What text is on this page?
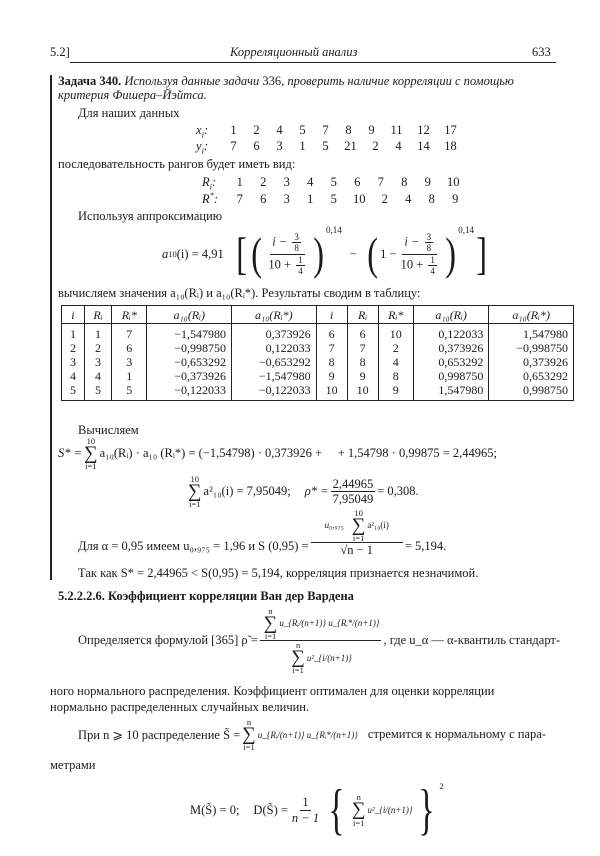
5.2]	Корреляционный анализ	633
Задача 340. Используя данные задачи 336, проверить наличие корреляции с помощью
критерия Фишера–Йэйтса.
Для наших данных
$x_i$:	1	2	4	5	7	8	9	11	12	17
$y_i$:	7	6	3	1	5	21	2	4	14	18
последовательность рангов будет иметь вид:
$R_i$:	1	2	3	4	5	6	7	8	9	10
R*:	7	6	3	1	5	10	2	4	8	9
Используя аппроксимацию
a 10 (i) = 4,91 [ ( $\frac{i - \frac{3}{8}}{10 + \frac{1}{4}}$ ) $^{0,14}$
− ( $1 - \frac{i - \frac{3}{8}}{10 + \frac{1}{4}}$ ) $^{0,14}$ ]
вычисляем значения a₁₀(Rᵢ) и a₁₀(Rᵢ*). Результаты сводим в таблицу:
i	Rᵢ	Rᵢ*	a₁₀(Rᵢ)	a₁₀(Rᵢ*)	i	Rᵢ	Rᵢ*	a₁₀(Rᵢ)	a₁₀(Rᵢ*)
1	1	7	−1,547980	0,373926	6	6	10	0,122033	1,547980
2	2	6	−0,998750	0,122033	7	7	2	0,373926	−0,998750
3	3	3	−0,653292	−0,653292	8	8	4	0,653292	0,373926
4	4	1	−0,373926	−1,547980	9	9	8	0,998750	0,653292
5	5	5	−0,122033	−0,122033	10	10	9	1,547980	0,998750
Вычисляем
S* =
10
∑
i=1
a₁₀(Rᵢ) · a₁₀ (Rᵢ*) = (−1,54798) · 0,373926 +     + 1,54798 · 0,99875 = 2,44965;
10
∑
i=1
a²₁₀(i) = 7,95049; $\rho* = \frac{2,44965}{7,95049} = 0,308$.
Для α = 0,95 имеем u₀,₉₇₅ = 1,96 и S (0,95) = u₀,₉₇₅
10
∑
i=1
a²₁₀(i)
√n − 1 = 5,194.
Так как S* = 2,44965 < S(0,95) = 5,194, корреляция признается незначимой.
5.2.2.2.6. Коэффициент корреляции Ван дер Вардена
Определяется формулой [365] ρ̃ = n
∑
i=1
u_{Rᵢ/(n+1)} u_{Rᵢ*/(n+1)}
n
∑
i=1
u²_{i/(n+1)} , где u_α — α-квантиль стандарт-
ного нормального распределения. Коэффициент оптимален для оценки корреляции
нормально распределенных случайных величин.
При n ⩾ 10 распределение S̃ =
n
∑
i=1
u_{Rᵢ/(n+1)} u_{Rᵢ*/(n+1)} стремится к нормальному с пара-
метрами
M(S̃) = 0; D(S̃) = $\frac{1}{n - 1}$ { n
∑
i=1
u²_{i/(n+1)} } $^2$
